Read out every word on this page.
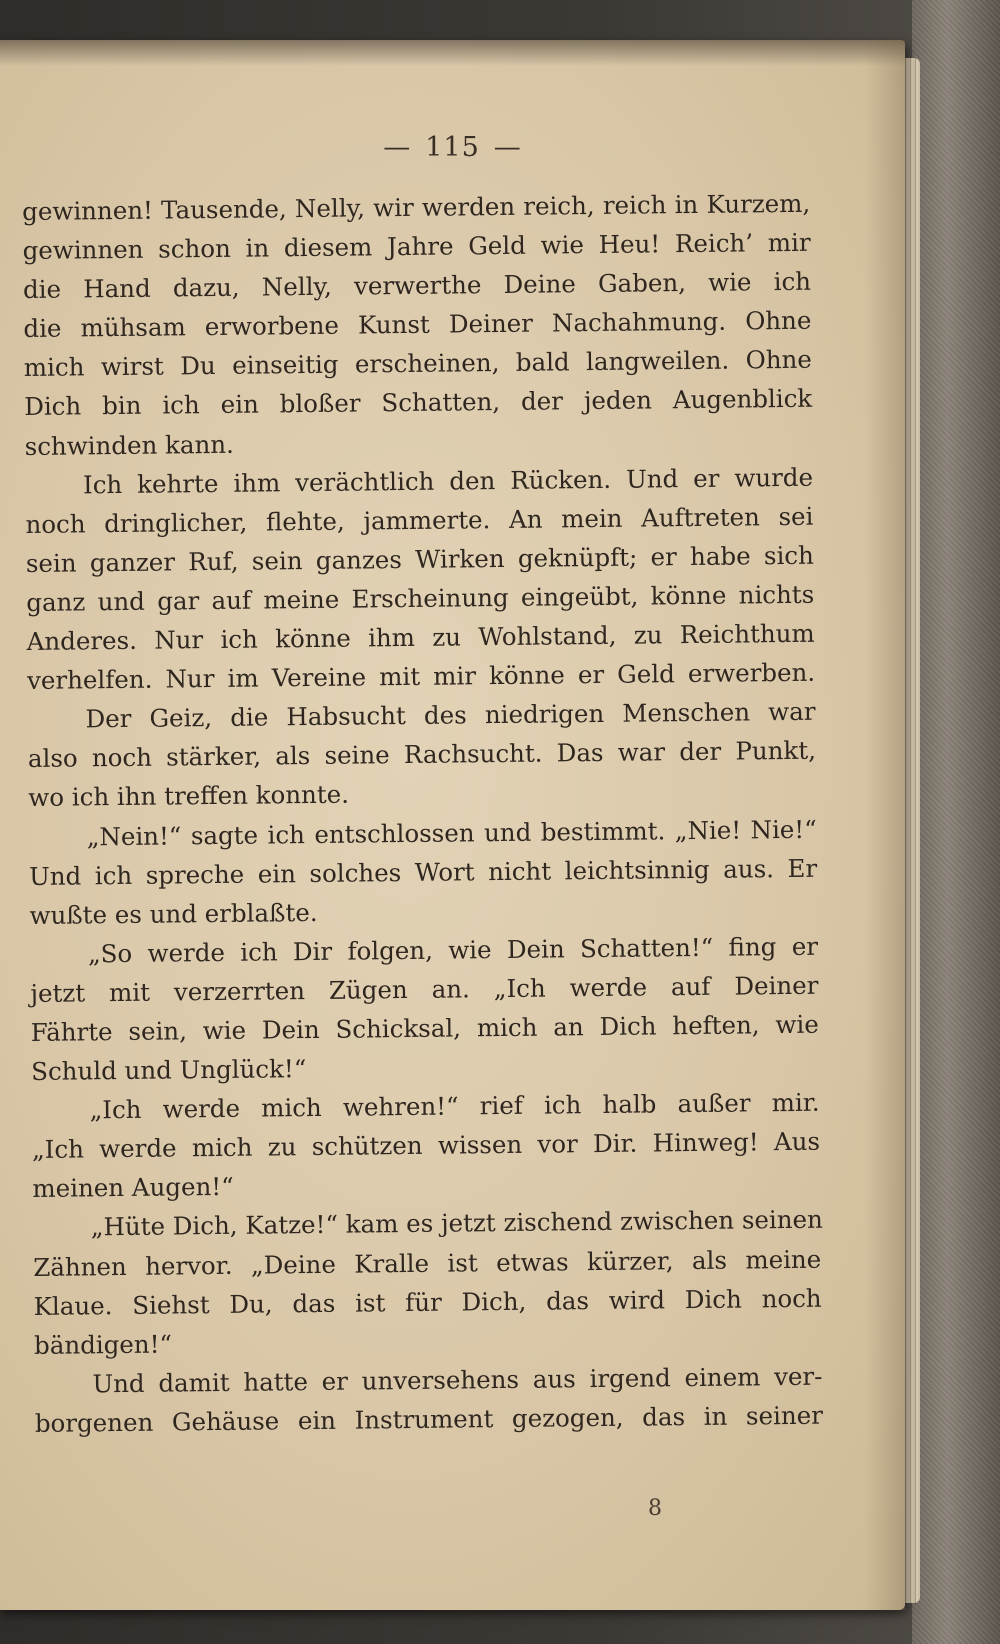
— 115 —
gewinnen! Tausende, Nelly, wir werden reich, reich in Kurzem,
gewinnen schon in diesem Jahre Geld wie Heu! Reich’ mir
die Hand dazu, Nelly, verwerthe Deine Gaben, wie ich
die mühsam erworbene Kunst Deiner Nachahmung. Ohne
mich wirst Du einseitig erscheinen, bald langweilen. Ohne
Dich bin ich ein bloßer Schatten, der jeden Augenblick
schwinden kann.
Ich kehrte ihm verächtlich den Rücken. Und er wurde
noch dringlicher, flehte, jammerte. An mein Auftreten sei
sein ganzer Ruf, sein ganzes Wirken geknüpft; er habe sich
ganz und gar auf meine Erscheinung eingeübt, könne nichts
Anderes. Nur ich könne ihm zu Wohlstand, zu Reichthum
verhelfen. Nur im Vereine mit mir könne er Geld erwerben.
Der Geiz, die Habsucht des niedrigen Menschen war
also noch stärker, als seine Rachsucht. Das war der Punkt,
wo ich ihn treffen konnte.
„Nein!“ sagte ich entschlossen und bestimmt. „Nie! Nie!“
Und ich spreche ein solches Wort nicht leichtsinnig aus. Er
wußte es und erblaßte.
„So werde ich Dir folgen, wie Dein Schatten!“ fing er
jetzt mit verzerrten Zügen an. „Ich werde auf Deiner
Fährte sein, wie Dein Schicksal, mich an Dich heften, wie
Schuld und Unglück!“
„Ich werde mich wehren!“ rief ich halb außer mir.
„Ich werde mich zu schützen wissen vor Dir. Hinweg! Aus
meinen Augen!“
„Hüte Dich, Katze!“ kam es jetzt zischend zwischen seinen
Zähnen hervor. „Deine Kralle ist etwas kürzer, als meine
Klaue. Siehst Du, das ist für Dich, das wird Dich noch
bändigen!“
Und damit hatte er unversehens aus irgend einem ver-
borgenen Gehäuse ein Instrument gezogen, das in seiner
8
